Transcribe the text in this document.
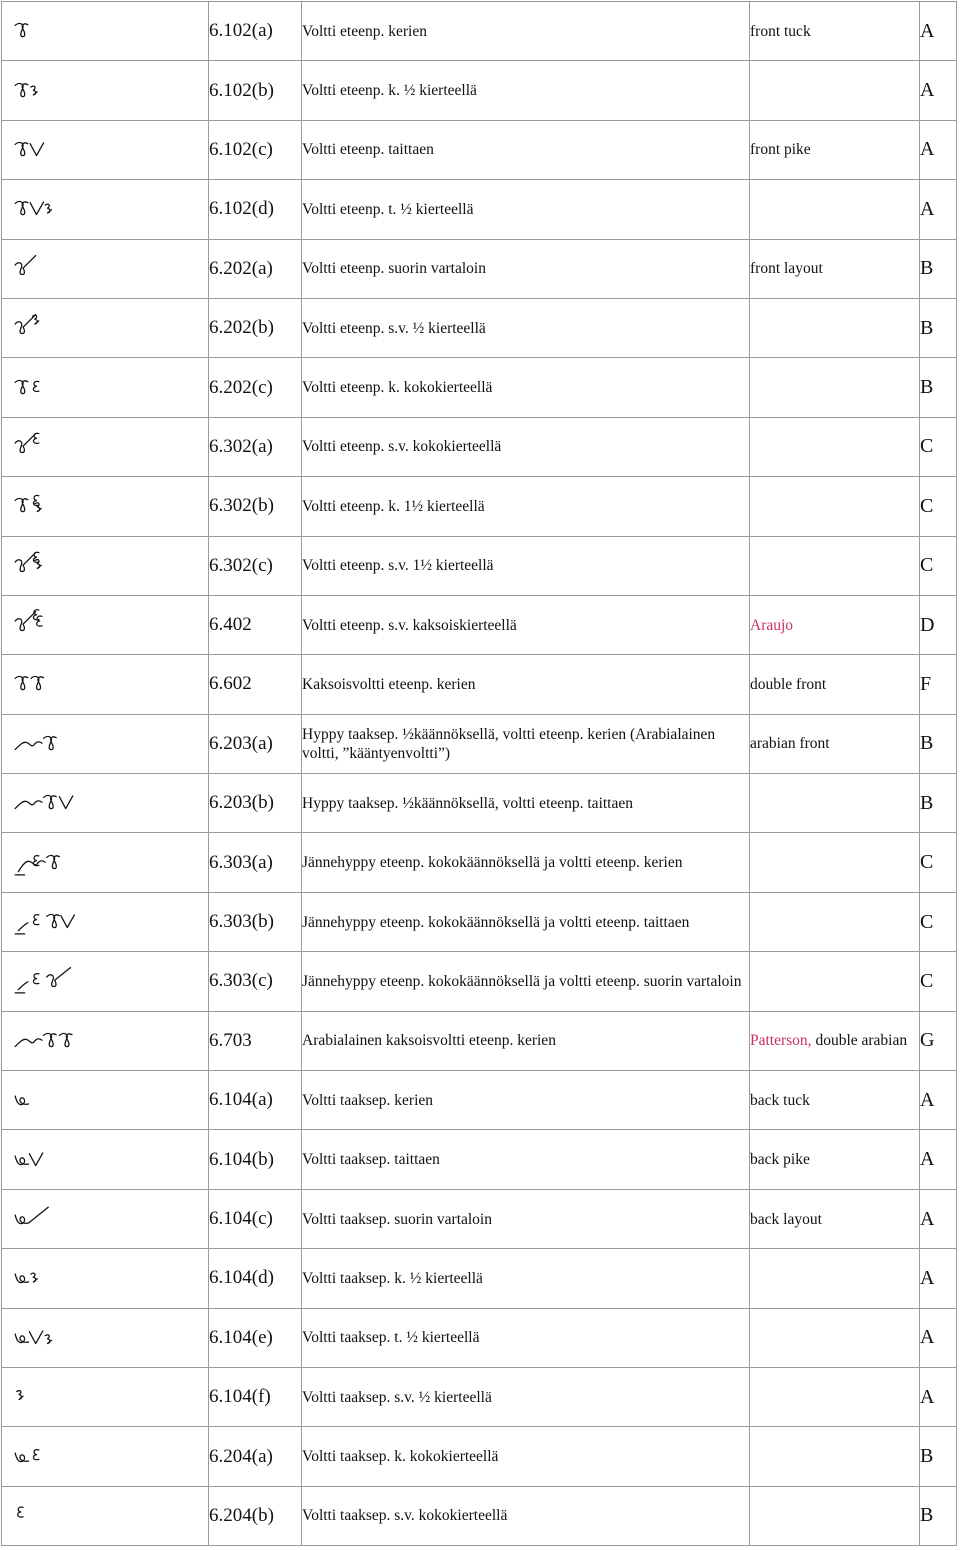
	6.102(a)	Voltti eteenp. kerien	front tuck	A

	6.102(b)	Voltti eteenp. k. ½ kierteellä		A

	6.102(c)	Voltti eteenp. taittaen	front pike	A

	6.102(d)	Voltti eteenp. t. ½ kierteellä		A

	6.202(a)	Voltti eteenp. suorin vartaloin	front layout	B

	6.202(b)	Voltti eteenp. s.v. ½ kierteellä		B

	6.202(c)	Voltti eteenp. k. kokokierteellä		B

	6.302(a)	Voltti eteenp. s.v. kokokierteellä		C

	6.302(b)	Voltti eteenp. k. 1½ kierteellä		C

	6.302(c)	Voltti eteenp. s.v. 1½ kierteellä		C

	6.402	Voltti eteenp. s.v. kaksoiskierteellä	Araujo	D

	6.602	Kaksoisvoltti eteenp. kerien	double front	F

	6.203(a)	Hyppy taaksep. ½käännöksellä, voltti eteenp. kerien (Arabialainen voltti, ”kääntyenvoltti”)	arabian front	B

	6.203(b)	Hyppy taaksep. ½käännöksellä, voltti eteenp. taittaen		B

	6.303(a)	Jännehyppy eteenp. kokokäännöksellä ja voltti eteenp. kerien		C

	6.303(b)	Jännehyppy eteenp. kokokäännöksellä ja voltti eteenp. taittaen		C

	6.303(c)	Jännehyppy eteenp. kokokäännöksellä ja voltti eteenp. suorin vartaloin		C

	6.703	Arabialainen kaksoisvoltti eteenp. kerien	Patterson, double arabian	G

	6.104(a)	Voltti taaksep. kerien	back tuck	A

	6.104(b)	Voltti taaksep. taittaen	back pike	A

	6.104(c)	Voltti taaksep. suorin vartaloin	back layout	A

	6.104(d)	Voltti taaksep. k. ½ kierteellä		A

	6.104(e)	Voltti taaksep. t. ½ kierteellä		A

	6.104(f)	Voltti taaksep. s.v. ½ kierteellä		A

	6.204(a)	Voltti taaksep. k. kokokierteellä		B

	6.204(b)	Voltti taaksep. s.v. kokokierteellä		B
